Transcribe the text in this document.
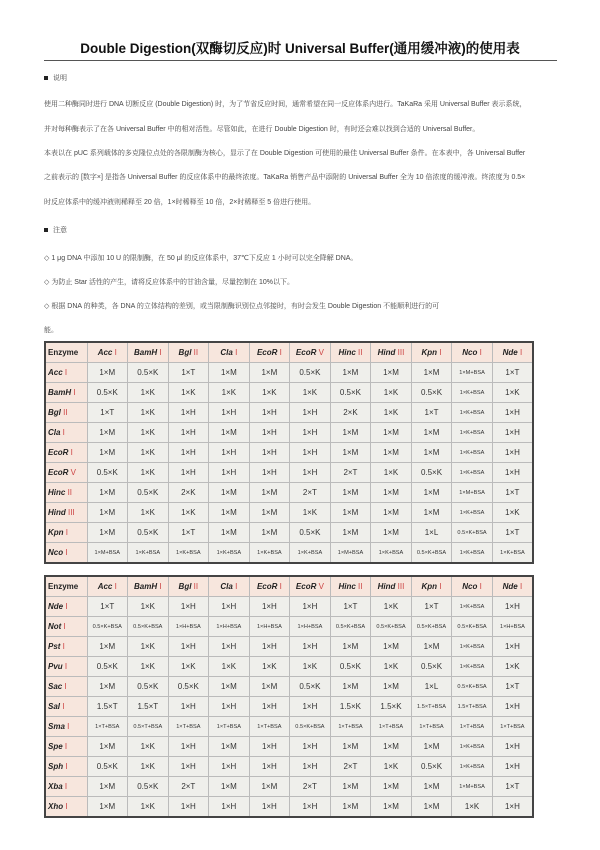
Double Digestion(双酶切反应)时 Universal Buffer(通用缓冲液)的使用表
说明
使用二种酶同时进行 DNA 切断反应 (Double Digestion) 时，为了节省反应时间，通常希望在同一反应体系内进行。TaKaRa 采用 Universal Buffer 表示系统，
并对每种酶表示了在各 Universal Buffer 中的相对活性。尽管如此，在进行 Double Digestion 时，有时还会难以找到合适的 Universal Buffer。
本表以在 pUC 系列载体的多克隆位点处的各限制酶为核心，显示了在 Double Digestion 可使用的最佳 Universal Buffer 条件。在本表中，各 Universal Buffer
之前表示的 [数字×] 是指各 Universal Buffer 的反应体系中的最终浓度。TaKaRa 销售产品中添附的 Universal Buffer 全为 10 倍浓度的缓冲液。终浓度为 0.5×
时反应体系中的缓冲液则稀释至 20 倍，1×时稀释至 10 倍，2×时稀释至 5 倍进行使用。
注意
◇ 1 μg DNA 中添加 10 U 的限制酶，在 50 μl 的反应体系中，37℃下反应 1 小时可以完全降解 DNA。
◇ 为防止 Star 活性的产生，请将反应体系中的甘油含量，尽量控制在 10%以下。
◇ 根据 DNA 的种类，各 DNA 的立体结构的差别，或当限制酶识别位点邻接时，有时会发生 Double Digestion 不能顺利进行的可
能。
Enzyme	Acc I	BamH I	Bgl II	Cla I	EcoR I	EcoR V	Hinc II	Hind III	Kpn I	Nco I	Nde I
Acc I	1×M	0.5×K	1×T	1×M	1×M	0.5×K	1×M	1×M	1×M	1×M+BSA	1×T
BamH I	0.5×K	1×K	1×K	1×K	1×K	1×K	0.5×K	1×K	0.5×K	1×K+BSA	1×K
Bgl II	1×T	1×K	1×H	1×H	1×H	1×H	2×K	1×K	1×T	1×K+BSA	1×H
Cla I	1×M	1×K	1×H	1×M	1×H	1×H	1×M	1×M	1×M	1×K+BSA	1×H
EcoR I	1×M	1×K	1×H	1×H	1×H	1×H	1×M	1×M	1×M	1×K+BSA	1×H
EcoR V	0.5×K	1×K	1×H	1×H	1×H	1×H	2×T	1×K	0.5×K	1×K+BSA	1×H
Hinc II	1×M	0.5×K	2×K	1×M	1×M	2×T	1×M	1×M	1×M	1×M+BSA	1×T
Hind III	1×M	1×K	1×K	1×M	1×M	1×K	1×M	1×M	1×M	1×K+BSA	1×K
Kpn I	1×M	0.5×K	1×T	1×M	1×M	0.5×K	1×M	1×M	1×L	0.5×K+BSA	1×T
Nco I	1×M+BSA	1×K+BSA	1×K+BSA	1×K+BSA	1×K+BSA	1×K+BSA	1×M+BSA	1×K+BSA	0.5×K+BSA	1×K+BSA	1×K+BSA
Enzyme	Acc I	BamH I	Bgl II	Cla I	EcoR I	EcoR V	Hinc II	Hind III	Kpn I	Nco I	Nde I
Nde I	1×T	1×K	1×H	1×H	1×H	1×H	1×T	1×K	1×T	1×K+BSA	1×H
Not I	0.5×K+BSA	0.5×K+BSA	1×H+BSA	1×H+BSA	1×H+BSA	1×H+BSA	0.5×K+BSA	0.5×K+BSA	0.5×K+BSA	0.5×K+BSA	1×H+BSA
Pst I	1×M	1×K	1×H	1×H	1×H	1×H	1×M	1×M	1×M	1×K+BSA	1×H
Pvu I	0.5×K	1×K	1×K	1×K	1×K	1×K	0.5×K	1×K	0.5×K	1×K+BSA	1×K
Sac I	1×M	0.5×K	0.5×K	1×M	1×M	0.5×K	1×M	1×M	1×L	0.5×K+BSA	1×T
Sal I	1.5×T	1.5×T	1×H	1×H	1×H	1×H	1.5×K	1.5×K	1.5×T+BSA	1.5×T+BSA	1×H
Sma I	1×T+BSA	0.5×T+BSA	1×T+BSA	1×T+BSA	1×T+BSA	0.5×K+BSA	1×T+BSA	1×T+BSA	1×T+BSA	1×T+BSA	1×T+BSA
Spe I	1×M	1×K	1×H	1×M	1×H	1×H	1×M	1×M	1×M	1×K+BSA	1×H
Sph I	0.5×K	1×K	1×H	1×H	1×H	1×H	2×T	1×K	0.5×K	1×K+BSA	1×H
Xba I	1×M	0.5×K	2×T	1×M	1×M	2×T	1×M	1×M	1×M	1×M+BSA	1×T
Xho I	1×M	1×K	1×H	1×H	1×H	1×H	1×M	1×M	1×M	1×K	1×H
